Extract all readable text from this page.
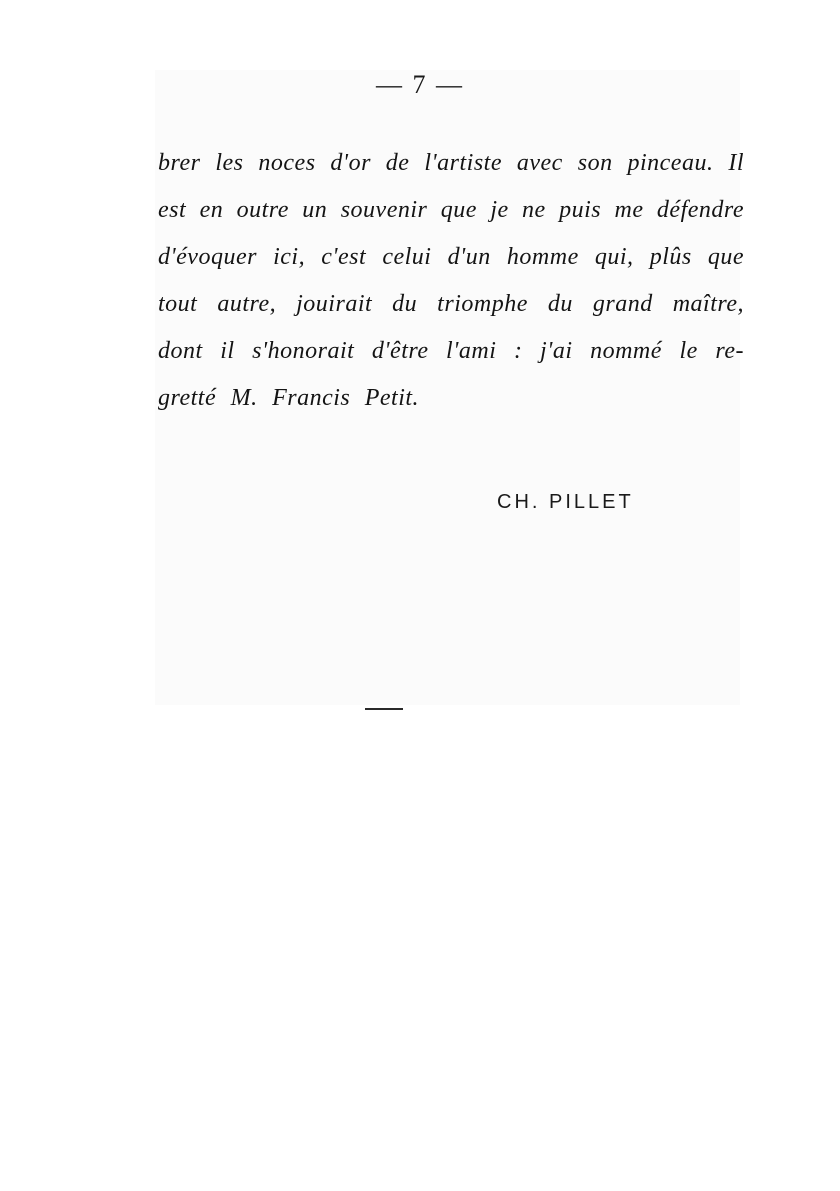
— 7 —
brer les noces d'or de l'artiste avec son pinceau. Il
est en outre un souvenir que je ne puis me défendre
d'évoquer ici, c'est celui d'un homme qui, plûs que
tout autre, jouirait du triomphe du grand maître,
dont il s'honorait d'être l'ami : j'ai nommé le re-
gretté M. Francis Petit.
CH. PILLET
